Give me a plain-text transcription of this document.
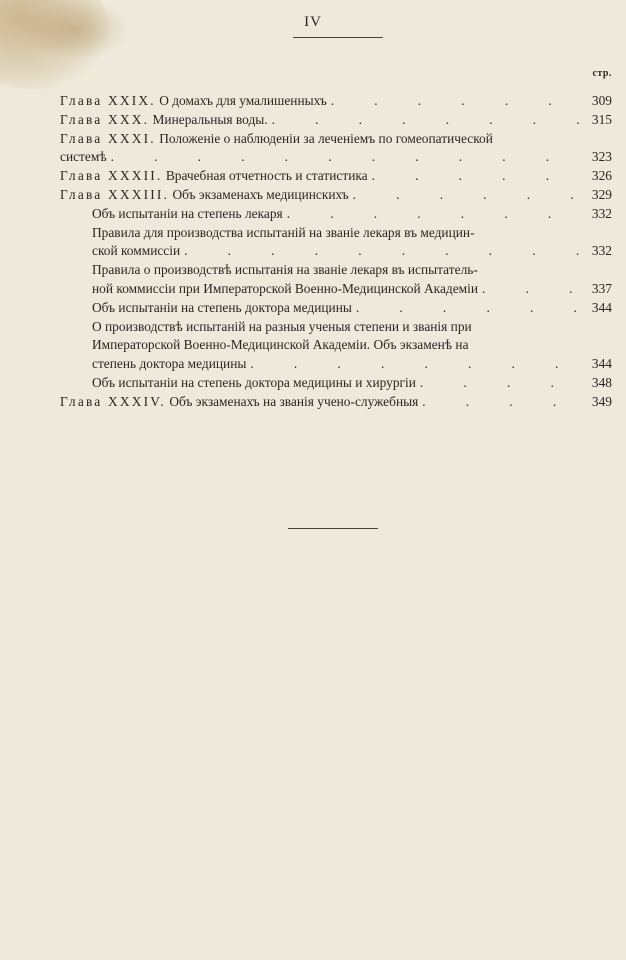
IV
стр.
Глава XXIX. О домахъ для умалишенныхъ .	309
Глава XXX. Минеральныя воды. .	315
Глава XXXI. Положенiе о наблюденiи за леченiемъ по гомеопатической
системѣ .	323
Глава XXXII. Врачебная отчетность и статистика .	326
Глава XXXIII. Объ экзаменахъ медицинскихъ .	329
Объ испытанiи на степень лекаря .	332
Правила для производства испытанiй на званiе лекаря въ медицин-
ской коммиссiи .	332
Правила о производствѣ испытанiя на званiе лекаря въ испытатель-
ной коммиссiи при Императорской Военно-Медицинской Академiи .	337
Объ испытанiи на степень доктора медицины .	344
О производствѣ испытанiй на разныя ученыя степени и званiя при
Императорской Военно-Медицинской Академiи. Объ экзаменѣ на
степень доктора медицины .	344
Объ испытанiи на степень доктора медицины и хирургiи .	348
Глава XXXIV. Объ экзаменахъ на званiя учено-служебныя .	349
